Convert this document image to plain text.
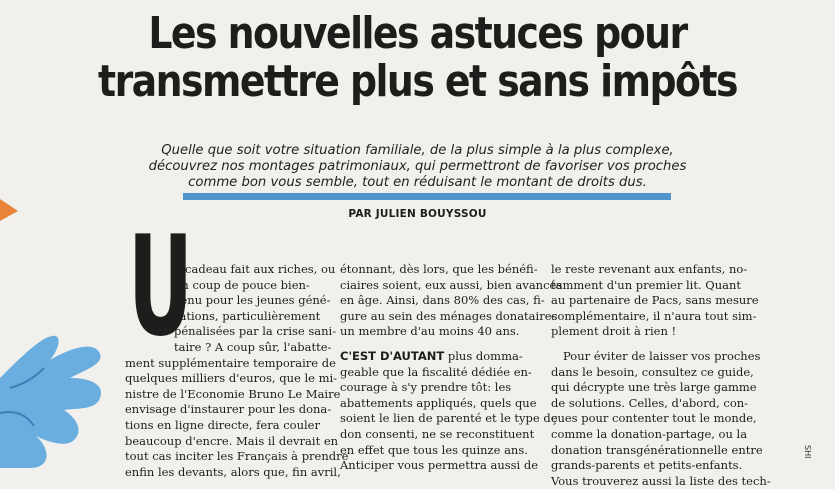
Les nouvelles astuces pour
transmettre plus et sans impôts
Quelle que soit votre situation familiale, de la plus simple à la plus complexe,
découvrez nos montages patrimoniaux, qui permettront de favoriser vos proches
comme bon vous semble, tout en réduisant le montant de droits dus.
PAR JULIEN BOUYSSOU
U
n cadeau fait aux riches, ou
un coup de pouce bien-
venu pour les jeunes géné-
rations, particulièrement
pénalisées par la crise sani-
taire ? A coup sûr, l'abatte-
ment supplémentaire temporaire de
quelques milliers d'euros, que le mi-
nistre de l'Economie Bruno Le Maire
envisage d'instaurer pour les dona-
tions en ligne directe, fera couler
beaucoup d'encre. Mais il devrait en
tout cas inciter les Français à prendre
enfin les devants, alors que, fin avril,
étonnant, dès lors, que les bénéfi-
ciaires soient, eux aussi, bien avancés
en âge. Ainsi, dans 80% des cas, fi-
gure au sein des ménages donataires
un membre d'au moins 40 ans.
C'EST D'AUTANT plus domma-
geable que la fiscalité dédiée en-
courage à s'y prendre tôt: les
abattements appliqués, quels que
soient le lien de parenté et le type de
don consenti, ne se reconstituent
en effet que tous les quinze ans.
Anticiper vous permettra aussi de
le reste revenant aux enfants, no-
tamment d'un premier lit. Quant
au partenaire de Pacs, sans mesure
complémentaire, il n'aura tout sim-
plement droit à rien !
Pour éviter de laisser vos proches
dans le besoin, consultez ce guide,
qui décrypte une très large gamme
de solutions. Celles, d'abord, con-
çues pour contenter tout le monde,
comme la donation-partage, ou la
donation transgénérationnelle entre
grands-parents et petits-enfants.
Vous trouverez aussi la liste des tech-
SHI
